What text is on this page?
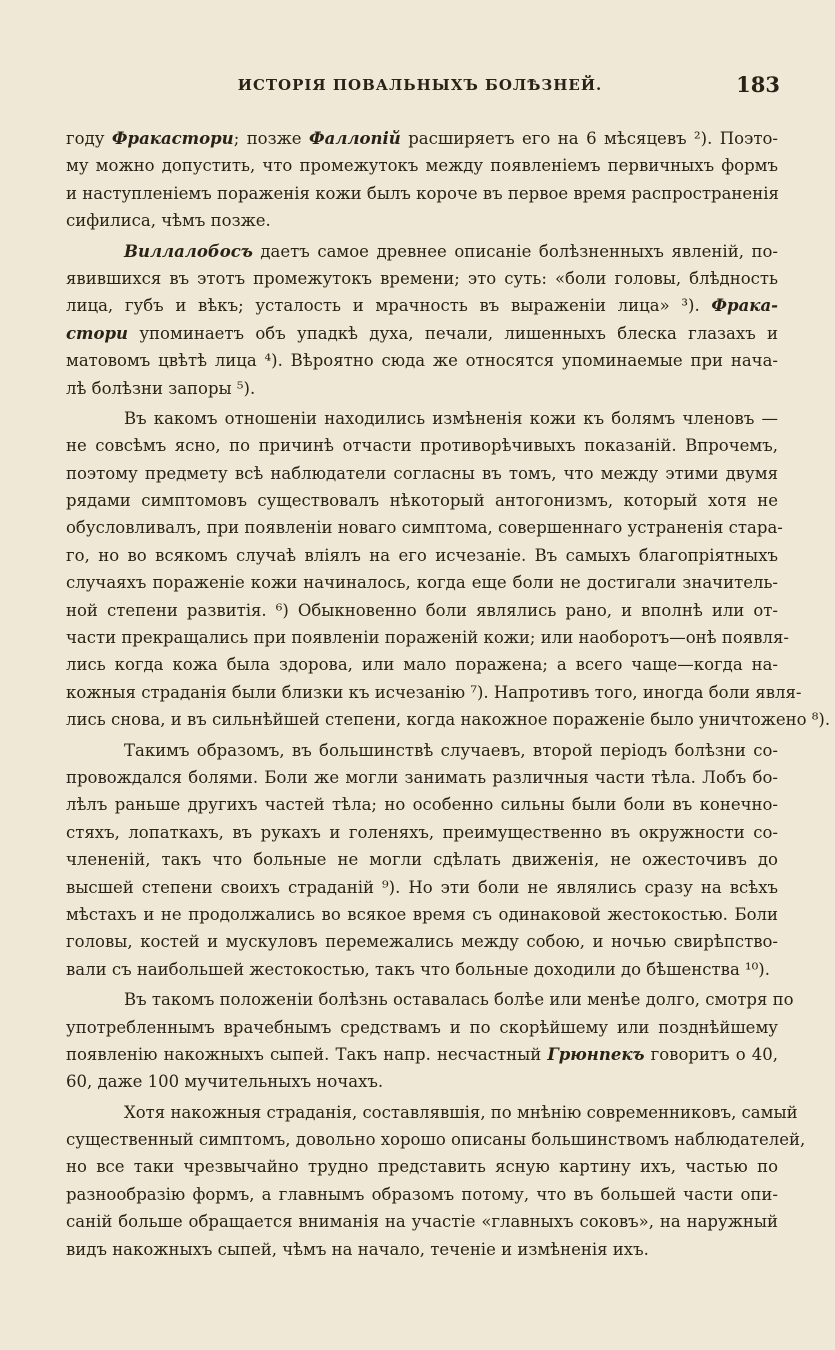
ИСТОРІЯ ПОВАЛЬНЫХЪ БОЛѢЗНЕЙ.	183
году Фракастори; позже Фаллопій расширяетъ его на 6 мѣсяцевъ ²). Поэто-
му можно допустить, что промежутокъ между появленіемъ первичныхъ формъ
и наступленіемъ пораженія кожи былъ короче въ первое время распространенія
сифилиса, чѣмъ позже.
Виллалобосъ даетъ самое древнее описаніе болѣзненныхъ явленій, по-
явившихся въ этотъ промежутокъ времени; это суть: «боли головы, блѣдность
лица, губъ и вѣкъ; усталость и мрачность въ выраженіи лица» ³). Фрака-
стори упоминаетъ объ упадкѣ духа, печали, лишенныхъ блеска глазахъ и
матовомъ цвѣтѣ лица ⁴). Вѣроятно сюда же относятся упоминаемые при нача-
лѣ болѣзни запоры ⁵).
Въ какомъ отношеніи находились измѣненія кожи къ болямъ членовъ —
не совсѣмъ ясно, по причинѣ отчасти противорѣчивыхъ показаній. Впрочемъ,
поэтому предмету всѣ наблюдатели согласны въ томъ, что между этими двумя
рядами симптомовъ существовалъ нѣкоторый антогонизмъ, который хотя не
обусловливалъ, при появленіи новаго симптома, совершеннаго устраненія стара-
го, но во всякомъ случаѣ вліялъ на его исчезаніе. Въ самыхъ благопріятныхъ
случаяхъ пораженіе кожи начиналось, когда еще боли не достигали значитель-
ной степени развитія. ⁶) Обыкновенно боли являлись рано, и вполнѣ или от-
части прекращались при появленіи пораженій кожи; или наоборотъ—онѣ появля-
лись когда кожа была здорова, или мало поражена; а всего чаще—когда на-
кожныя страданія были близки къ исчезанію ⁷). Напротивъ того, иногда боли явля-
лись снова, и въ сильнѣйшей степени, когда накожное пораженіе было уничтожено ⁸).
Такимъ образомъ, въ большинствѣ случаевъ, второй періодъ болѣзни со-
провождался болями. Боли же могли занимать различныя части тѣла. Лобъ бо-
лѣлъ раньше другихъ частей тѣла; но особенно сильны были боли въ конечно-
стяхъ, лопаткахъ, въ рукахъ и голеняхъ, преимущественно въ окружности со-
члененій, такъ что больные не могли сдѣлать движенія, не ожесточивъ до
высшей степени своихъ страданій ⁹). Но эти боли не являлись сразу на всѣхъ
мѣстахъ и не продолжались во всякое время съ одинаковой жестокостью. Боли
головы, костей и мускуловъ перемежались между собою, и ночью свирѣпство-
вали съ наибольшей жестокостью, такъ что больные доходили до бѣшенства ¹⁰).
Въ такомъ положеніи болѣзнь оставалась болѣе или менѣе долго, смотря по
употребленнымъ врачебнымъ средствамъ и по скорѣйшему или позднѣйшему
появленію накожныхъ сыпей. Такъ напр. несчастный Грюнпекъ говоритъ о 40,
60, даже 100 мучительныхъ ночахъ.
Хотя накожныя страданія, составлявшія, по мнѣнію современниковъ, самый
существенный симптомъ, довольно хорошо описаны большинствомъ наблюдателей,
но все таки чрезвычайно трудно представить ясную картину ихъ, частью по
разнообразію формъ, а главнымъ образомъ потому, что въ большей части опи-
саній больше обращается вниманія на участіе «главныхъ соковъ», на наружный
видъ накожныхъ сыпей, чѣмъ на начало, теченіе и измѣненія ихъ.
